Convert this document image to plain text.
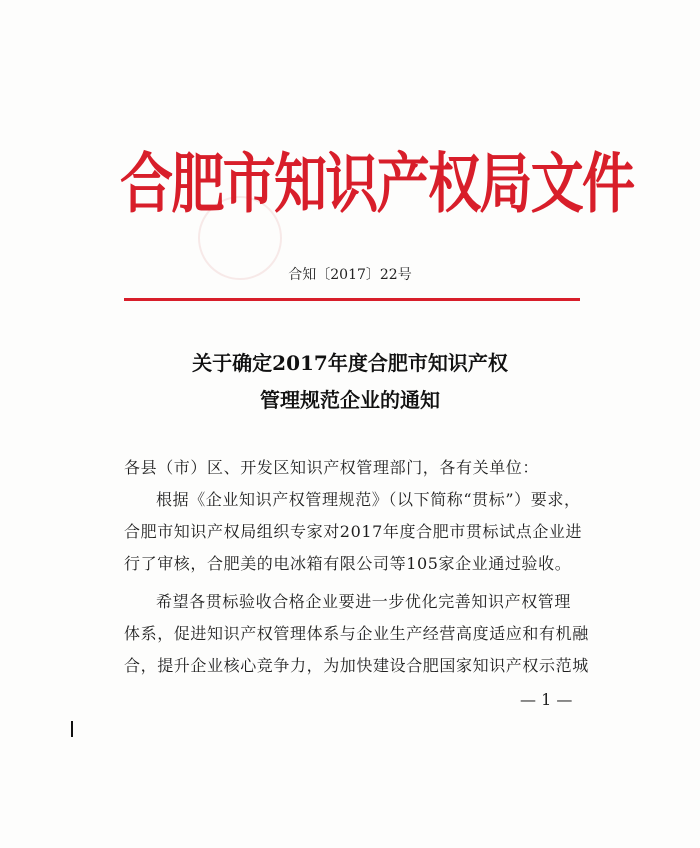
合肥市知识产权局文件
合知〔2017〕22号
关于确定2017年度合肥市知识产权
管理规范企业的通知
各县（市）区、开发区知识产权管理部门，各有关单位：
根据《企业知识产权管理规范》（以下简称“贯标”）要求，
合肥市知识产权局组织专家对2017年度合肥市贯标试点企业进
行了审核，合肥美的电冰箱有限公司等105家企业通过验收。
希望各贯标验收合格企业要进一步优化完善知识产权管理
体系，促进知识产权管理体系与企业生产经营高度适应和有机融
合，提升企业核心竞争力，为加快建设合肥国家知识产权示范城
— 1 —
